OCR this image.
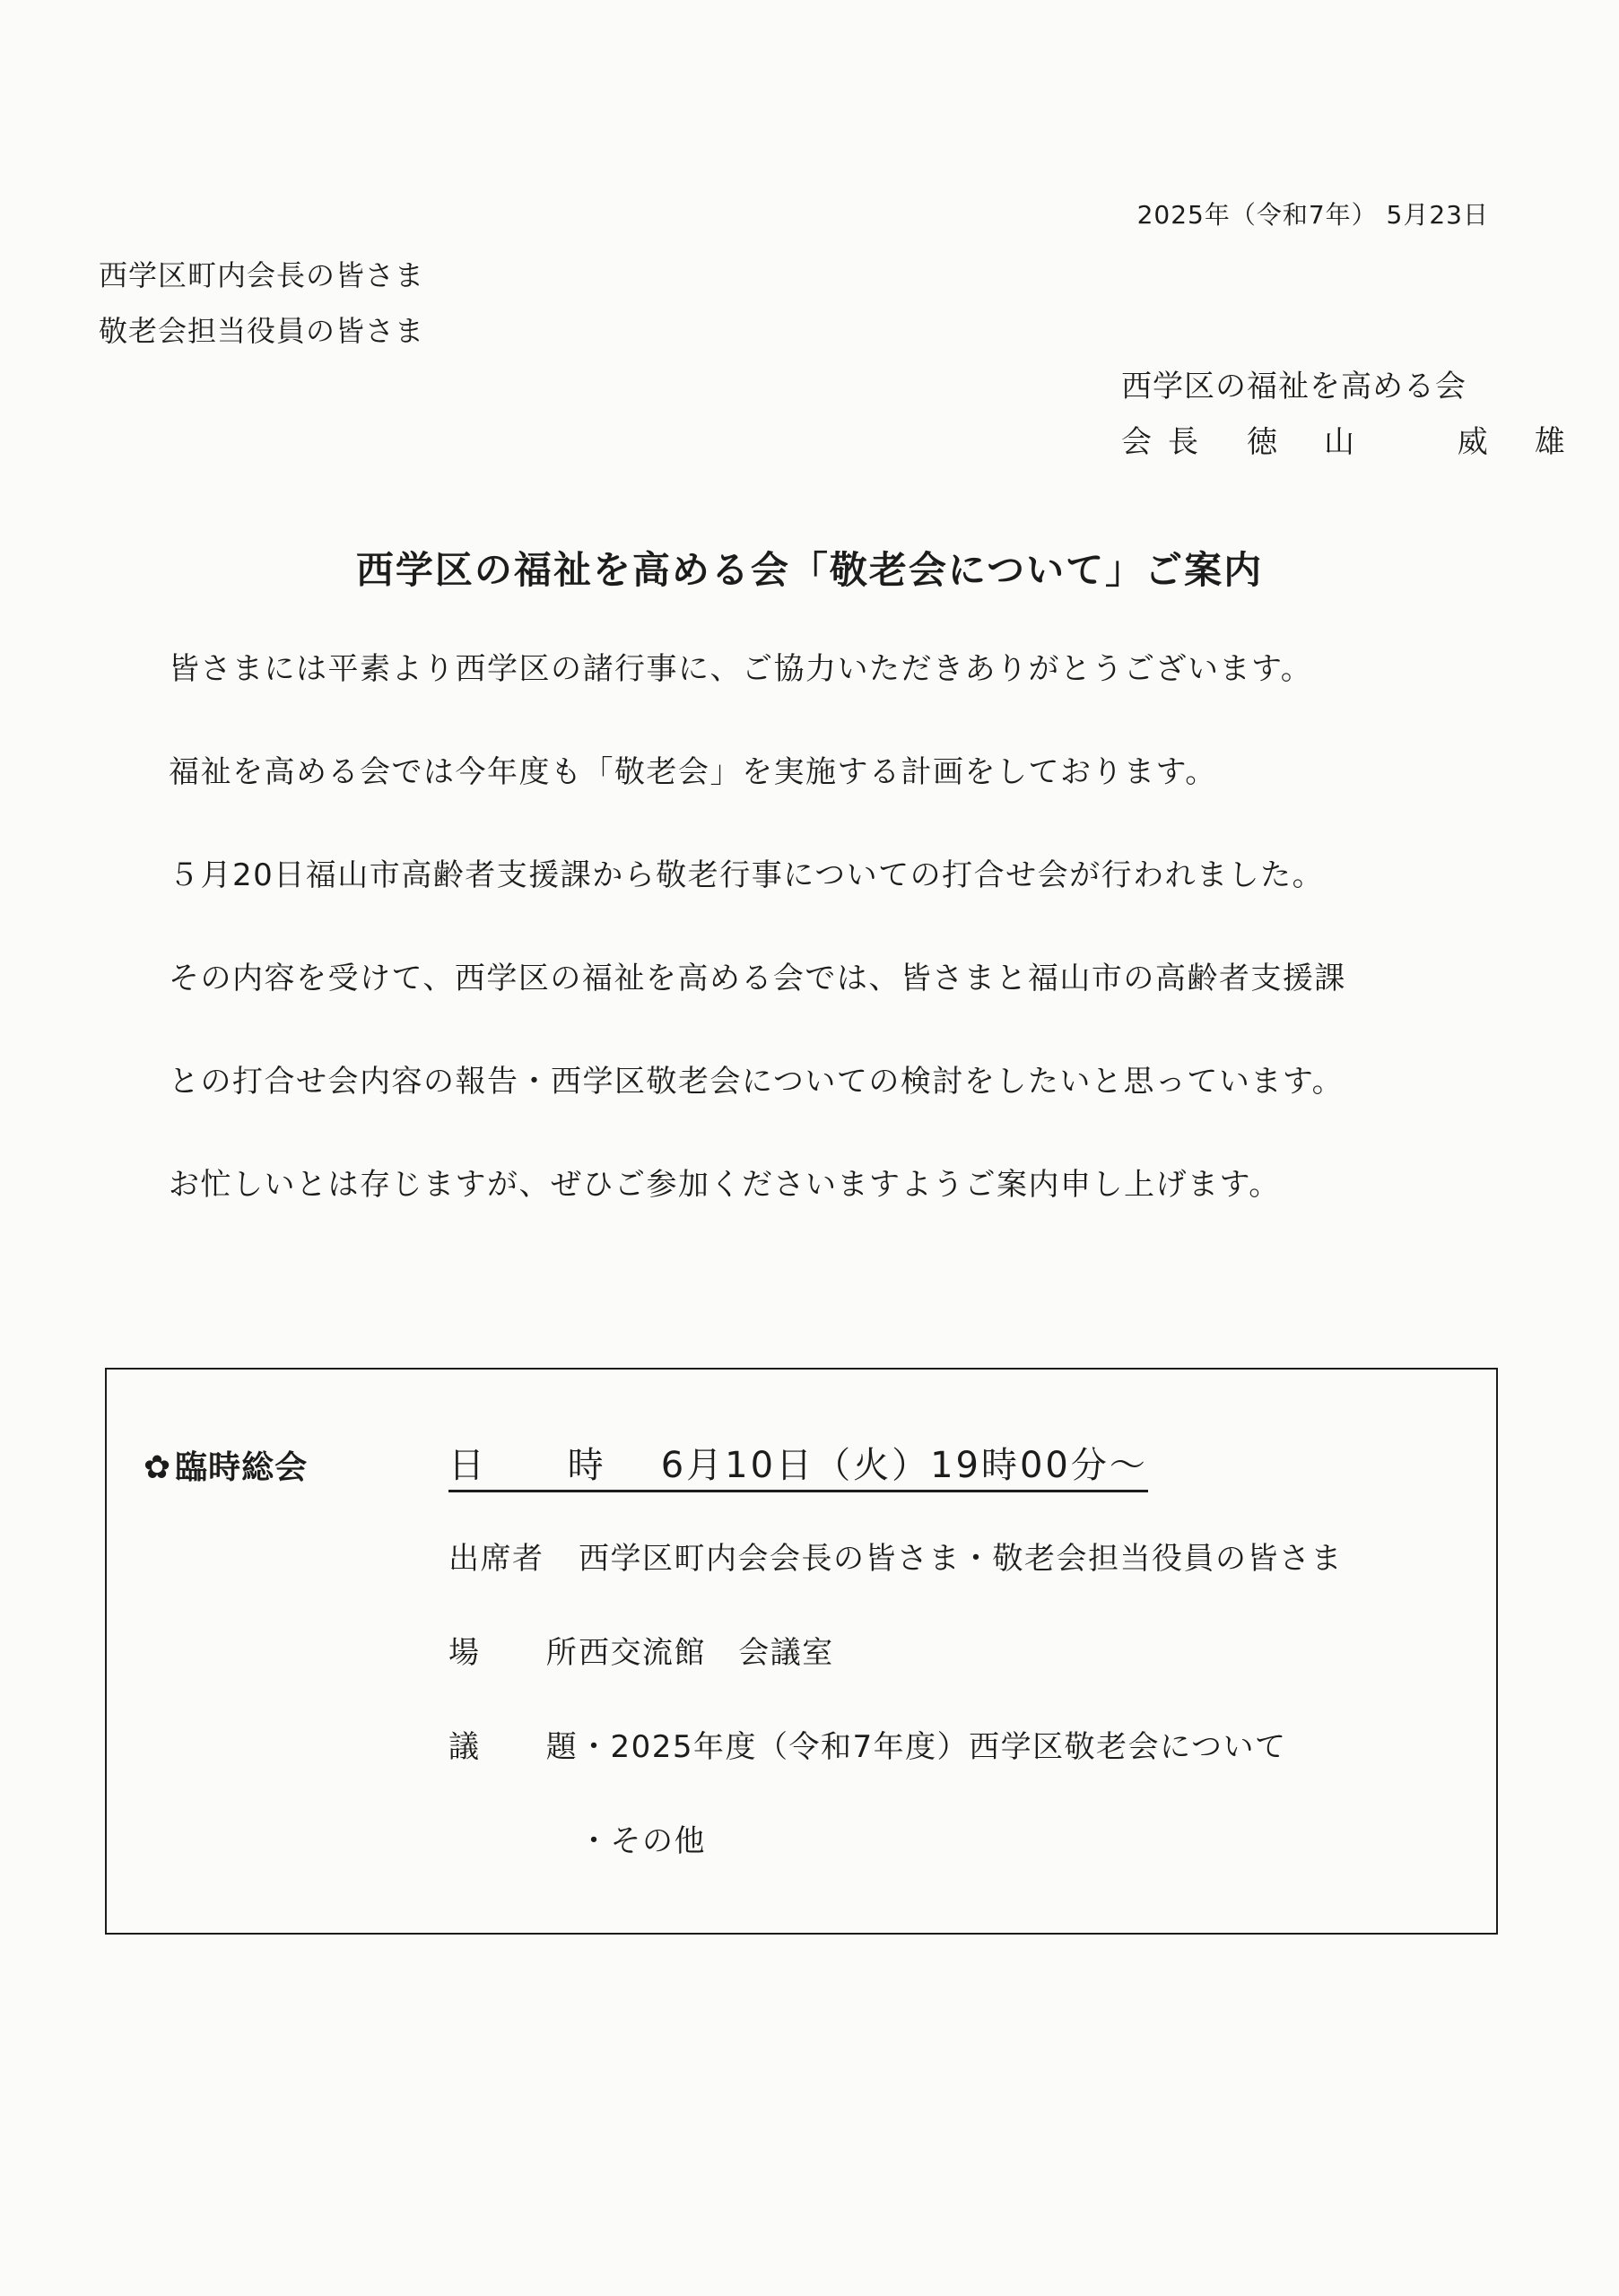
2025年（令和7年） 5月23日
西学区町内会長の皆さま
敬老会担当役員の皆さま
西学区の福祉を高める会
会長 徳山 威雄
西学区の福祉を高める会「敬老会について」ご案内
皆さまには平素より西学区の諸行事に、ご協力いただきありがとうございます。
福祉を高める会では今年度も「敬老会」を実施する計画をしております。
５月20日福山市高齢者支援課から敬老行事についての打合せ会が行われました。
その内容を受けて、西学区の福祉を高める会では、皆さまと福山市の高齢者支援課
との打合せ会内容の報告・西学区敬老会についての検討をしたいと思っています。
お忙しいとは存じますが、ぜひご参加くださいますようご案内申し上げます。
✿ 臨時総会	日 時 6月10日（火）19時00分～
出席者 西学区町内会会長の皆さま・敬老会担当役員の皆さま
場 所西交流館 会議室
議 題・2025年度（令和7年度）西学区敬老会について
・その他
